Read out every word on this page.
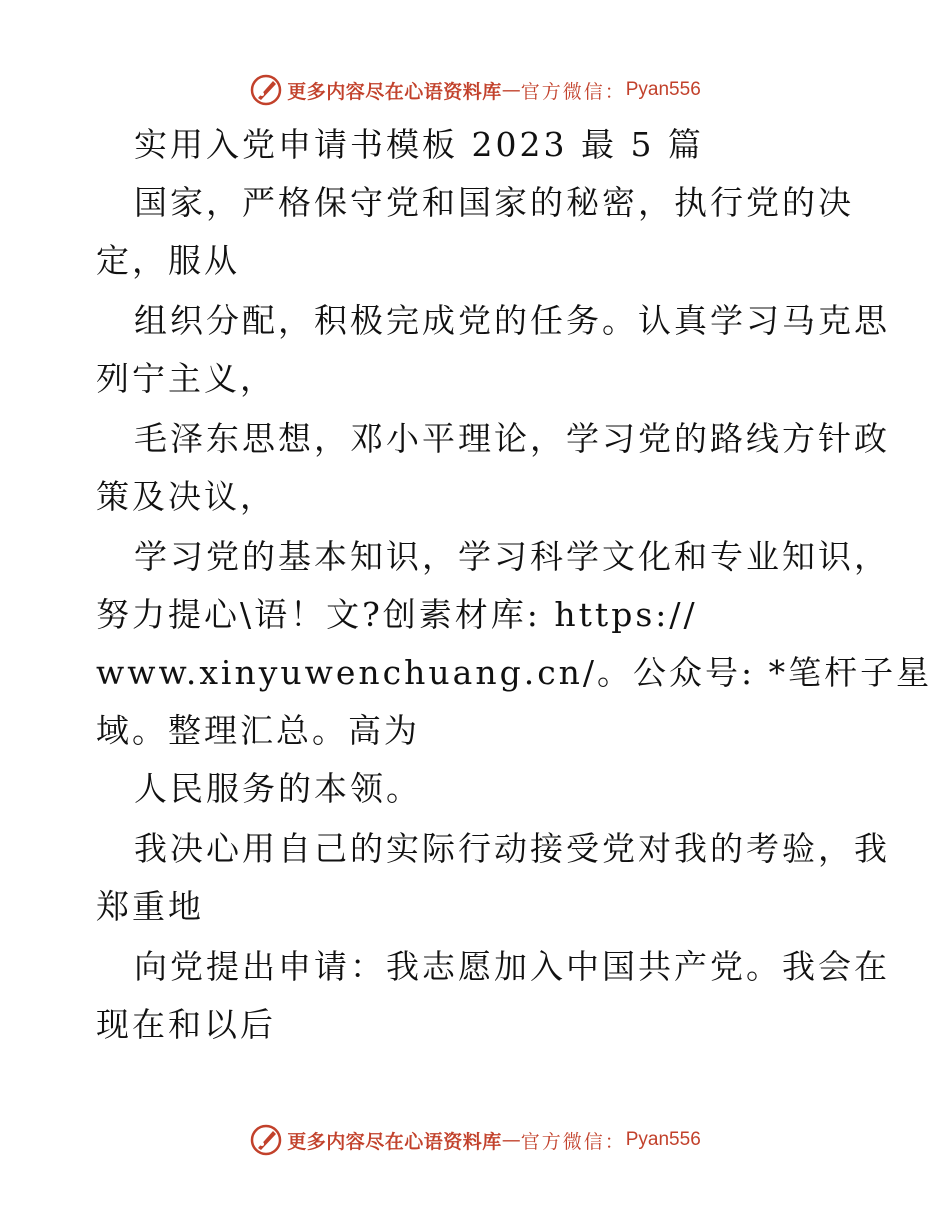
更多内容尽在心语资料库 — 官方微信： Pyan556
实用入党申请书模板 2023 最 5 篇
国家，严格保守党和国家的秘密，执行党的决
定，服从
组织分配，积极完成党的任务。认真学习马克思
列宁主义，
毛泽东思想，邓小平理论，学习党的路线方针政
策及决议，
学习党的基本知识，学习科学文化和专业知识，
努力提心\语！文?创素材库: https://
www.xinyuwenchuang.cn/。公众号: *笔杆子星
域。整理汇总。高为
人民服务的本领。
我决心用自己的实际行动接受党对我的考验，我
郑重地
向党提出申请：我志愿加入中国共产党。我会在
现在和以后
更多内容尽在心语资料库 — 官方微信： Pyan556
